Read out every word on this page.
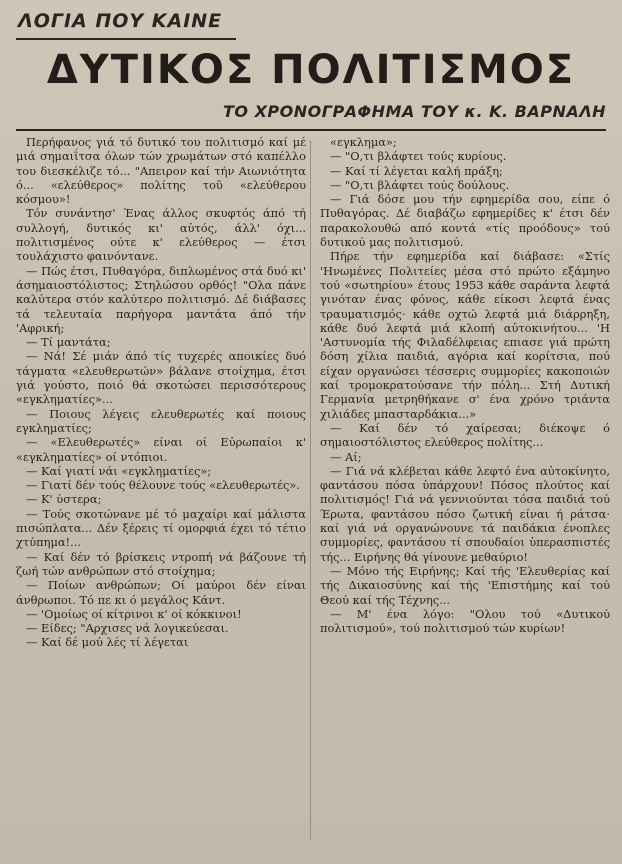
ΛΟΓΙΑ ΠΟΥ ΚΑΙΝΕ
ΔΥΤΙΚΟΣ ΠΟΛΙΤΙΣΜΟΣ
ΤΟ ΧΡΟΝΟΓΡΑΦΗΜΑ ΤΟΥ κ. Κ. ΒΑΡΝΑΛΗ

Περήφανος γιά τό δυτικό του πολιτισμό καί μέ μιά σημαιΐτσα όλων τών χρωμάτων στό καπέλλο του διεσκέλιζε τό... "Απειρον καί τήν Αιωνιότητα ό... «ελεύθερος» πολίτης τοῦ «ελεύθερου κόσμου»!

Τόν συνάντησ' Ένας άλλος σκυφτός άπό τή συλλογή, δυτικός κι' αὐτός, άλλ' όχι... πολιτισμένος ούτε κ' ελεύθερος — έτσι τουλάχιστο φαινόντανε.

— Πώς έτσι, Πυθαγόρα, διπλωμένος στά δυό κι' άσημαιοστόλιστος; Στηλώσου ορθός! "Ολα πάνε καλύτερα στόν καλύτερο πολιτισμό. Δέ διάβασες τά τελευταία παρήγορα μαντάτα άπό τήν 'Αφρική;

— Τί μαντάτα;

— Νά! Σέ μιάν άπό τίς τυχερές αποικίες δυό τάγματα «ελευθερωτών» βάλανε στοίχημα, έτσι γιά γούστο, ποιό θά σκοτώσει περισσότερους «εγκληματίες»...

— Ποιους λέγεις ελευθερωτές καί ποιους εγκληματίες;

— «Ελευθερωτές» είναι οί Εὐρωπαίοι κ' «εγκληματίες» οί ντόπιοι.

— Καί γιατί νάι «εγκληματίες»;

— Γιατί δέν τούς θέλουνε τούς «ελευθερωτές».

— Κ' ύστερα;

— Τούς σκοτώνανε μέ τό μαχαίρι καί μάλιστα πισώπλατα... Δέν ξέρεις τί ομορφιά έχει τό τέτιο χτύπημα!...

— Καί δέν τό βρίσκεις ντροπή νά βάζουνε τή ζωή τών ανθρώπων στό στοίχημα;

— Ποίων ανθρώπων; Οί μαύροι δέν είναι άνθρωποι. Τό πε κι ό μεγάλος Κάντ.

— 'Ομοίως οί κίτρινοι κ' οί κόκκινοι!

— Είδες; "Αρχισες νά λογικεύεσαι.

— Καί δέ μού λές τί λέγεται

«εγκλημα»;

— "Ο,τι βλάφτει τούς κυρίους.

— Καί τί λέγεται καλή πράξη;

— "Ο,τι βλάφτει τούς δούλους.

— Γιά δόσε μου τήν εφημερίδα σου, είπε ό Πυθαγόρας. Δέ διαβάζω εφημερίδες κ' έτσι δέν παρακολουθώ από κοντά «τίς προόδους» τού δυτικού μας πολιτισμού.

Πήρε τήν εφημερίδα καί διάβασε: «Στίς 'Ηνωμένες Πολιτείες μέσα στό πρώτο εξάμηνο τού «σωτηρίου» έτους 1953 κάθε σαράντα λεφτά γινόταν ένας φόνος, κάθε είκοσι λεφτά ένας τραυματισμός· κάθε οχτώ λεφτά μιά διάρρηξη, κάθε δυό λεφτά μιά κλοπή αὐτοκινήτου... 'Η 'Αστυνομία τής Φιλαδέλφειας επιασε γιά πρώτη δόση χίλια παιδιά, αγόρια καί κορίτσια, πού είχαν οργανώσει τέσσερις συμμορίες κακοποιών καί τρομοκρατούσανε τήν πόλη... Στή Δυτική Γερμανία μετρηθήκανε σ' ένα χρόνο τριάντα χιλιάδες μπασταρδάκια...»

— Καί δέν τό χαίρεσαι; διέκοψε ό σημαιοστόλιστος ελεύθερος πολίτης...

— Αί;

— Γιά νά κλέβεται κάθε λεφτό ένα αὐτοκίνητο, φαντάσου πόσα ὑπάρχουν! Πόσος πλούτος καί πολιτισμός! Γιά νά γεννιούνται τόσα παιδιά τού Έρωτα, φαντάσου πόσο ζωτική είναι ή ράτσα· καί γιά νά οργανώνουνε τά παιδάκια ένοπλες συμμορίες, φαντάσου τί σπουδαίοι ὑπερασπιστές τής... Ειρήνης θά γίνουνε μεθαύριο!

— Μόνο τής Ειρήνης; Καί τής 'Ελευθερίας καί τής Δικαιοσύνης καί τής 'Επιστήμης καί τού Θεού καί τής Τέχνης...

— Μ' ένα λόγο: "Ολου τού «Δυτικού πολιτισμού», τού πολιτισμού τών κυρίων!
